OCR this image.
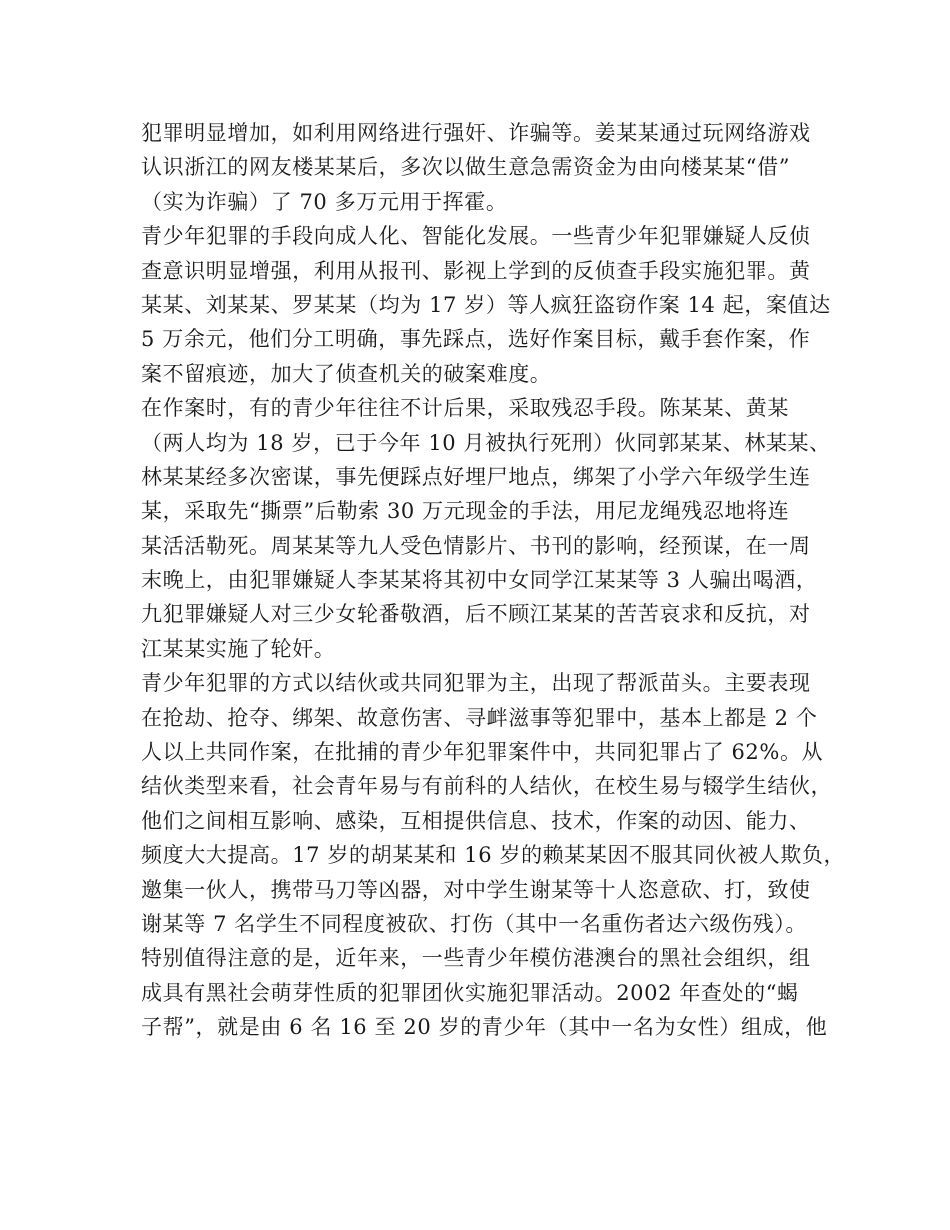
犯罪明显增加，如利用网络进行强奸、诈骗等。姜某某通过玩网络游戏
认识浙江的网友楼某某后，多次以做生意急需资金为由向楼某某“借”
（实为诈骗）了 70 多万元用于挥霍。
青少年犯罪的手段向成人化、智能化发展。一些青少年犯罪嫌疑人反侦
查意识明显增强，利用从报刊、影视上学到的反侦查手段实施犯罪。黄
某某、刘某某、罗某某（均为 17 岁）等人疯狂盗窃作案 14 起，案值达
5 万余元，他们分工明确，事先踩点，选好作案目标，戴手套作案，作
案不留痕迹，加大了侦查机关的破案难度。
在作案时，有的青少年往往不计后果，采取残忍手段。陈某某、黄某
（两人均为 18 岁，已于今年 10 月被执行死刑）伙同郭某某、林某某、
林某某经多次密谋，事先便踩点好埋尸地点，绑架了小学六年级学生连
某，采取先“撕票”后勒索 30 万元现金的手法，用尼龙绳残忍地将连
某活活勒死。周某某等九人受色情影片、书刊的影响，经预谋，在一周
末晚上，由犯罪嫌疑人李某某将其初中女同学江某某等 3 人骗出喝酒，
九犯罪嫌疑人对三少女轮番敬酒，后不顾江某某的苦苦哀求和反抗，对
江某某实施了轮奸。
青少年犯罪的方式以结伙或共同犯罪为主，出现了帮派苗头。主要表现
在抢劫、抢夺、绑架、故意伤害、寻衅滋事等犯罪中，基本上都是 2 个
人以上共同作案，在批捕的青少年犯罪案件中，共同犯罪占了 62%。从
结伙类型来看，社会青年易与有前科的人结伙，在校生易与辍学生结伙，
他们之间相互影响、感染，互相提供信息、技术，作案的动因、能力、
频度大大提高。17 岁的胡某某和 16 岁的赖某某因不服其同伙被人欺负，
邀集一伙人，携带马刀等凶器，对中学生谢某等十人恣意砍、打，致使
谢某等 7 名学生不同程度被砍、打伤（其中一名重伤者达六级伤残）。
特别值得注意的是，近年来，一些青少年模仿港澳台的黑社会组织，组
成具有黑社会萌芽性质的犯罪团伙实施犯罪活动。2002 年查处的“蝎
子帮”，就是由 6 名 16 至 20 岁的青少年（其中一名为女性）组成，他
